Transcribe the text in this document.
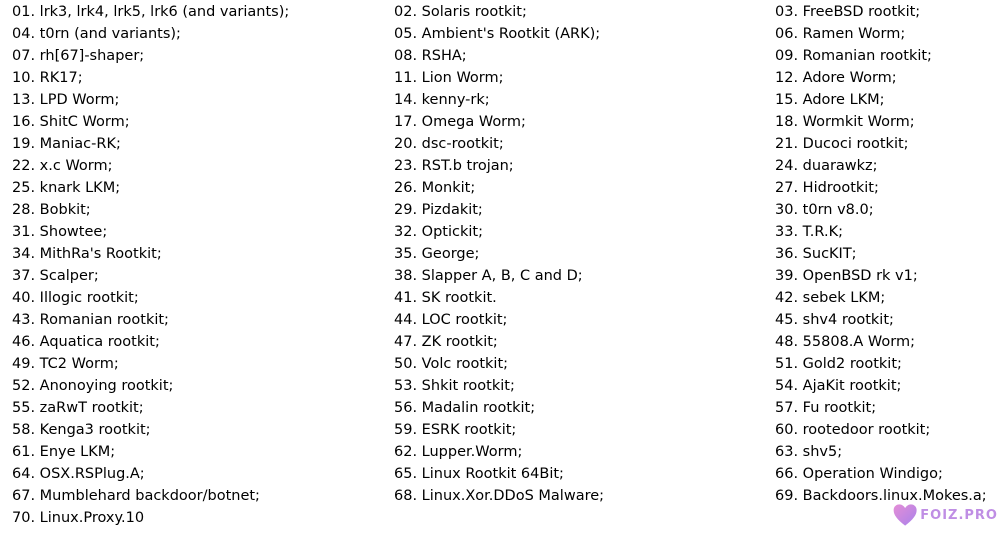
01. lrk3, lrk4, lrk5, lrk6 (and variants);	02. Solaris rootkit;	03. FreeBSD rootkit;
04. t0rn (and variants);	05. Ambient's Rootkit (ARK);	06. Ramen Worm;
07. rh[67]-shaper;	08. RSHA;	09. Romanian rootkit;
10. RK17;	11. Lion Worm;	12. Adore Worm;
13. LPD Worm;	14. kenny-rk;	15. Adore LKM;
16. ShitC Worm;	17. Omega Worm;	18. Wormkit Worm;
19. Maniac-RK;	20. dsc-rootkit;	21. Ducoci rootkit;
22. x.c Worm;	23. RST.b trojan;	24. duarawkz;
25. knark LKM;	26. Monkit;	27. Hidrootkit;
28. Bobkit;	29. Pizdakit;	30. t0rn v8.0;
31. Showtee;	32. Optickit;	33. T.R.K;
34. MithRa's Rootkit;	35. George;	36. SucKIT;
37. Scalper;	38. Slapper A, B, C and D;	39. OpenBSD rk v1;
40. Illogic rootkit;	41. SK rootkit.	42. sebek LKM;
43. Romanian rootkit;	44. LOC rootkit;	45. shv4 rootkit;
46. Aquatica rootkit;	47. ZK rootkit;	48. 55808.A Worm;
49. TC2 Worm;	50. Volc rootkit;	51. Gold2 rootkit;
52. Anonoying rootkit;	53. Shkit rootkit;	54. AjaKit rootkit;
55. zaRwT rootkit;	56. Madalin rootkit;	57. Fu rootkit;
58. Kenga3 rootkit;	59. ESRK rootkit;	60. rootedoor rootkit;
61. Enye LKM;	62. Lupper.Worm;	63. shv5;
64. OSX.RSPlug.A;	65. Linux Rootkit 64Bit;	66. Operation Windigo;
67. Mumblehard backdoor/botnet;	68. Linux.Xor.DDoS Malware;	69. Backdoors.linux.Mokes.a;
70. Linux.Proxy.10	FOIZ.PRO
